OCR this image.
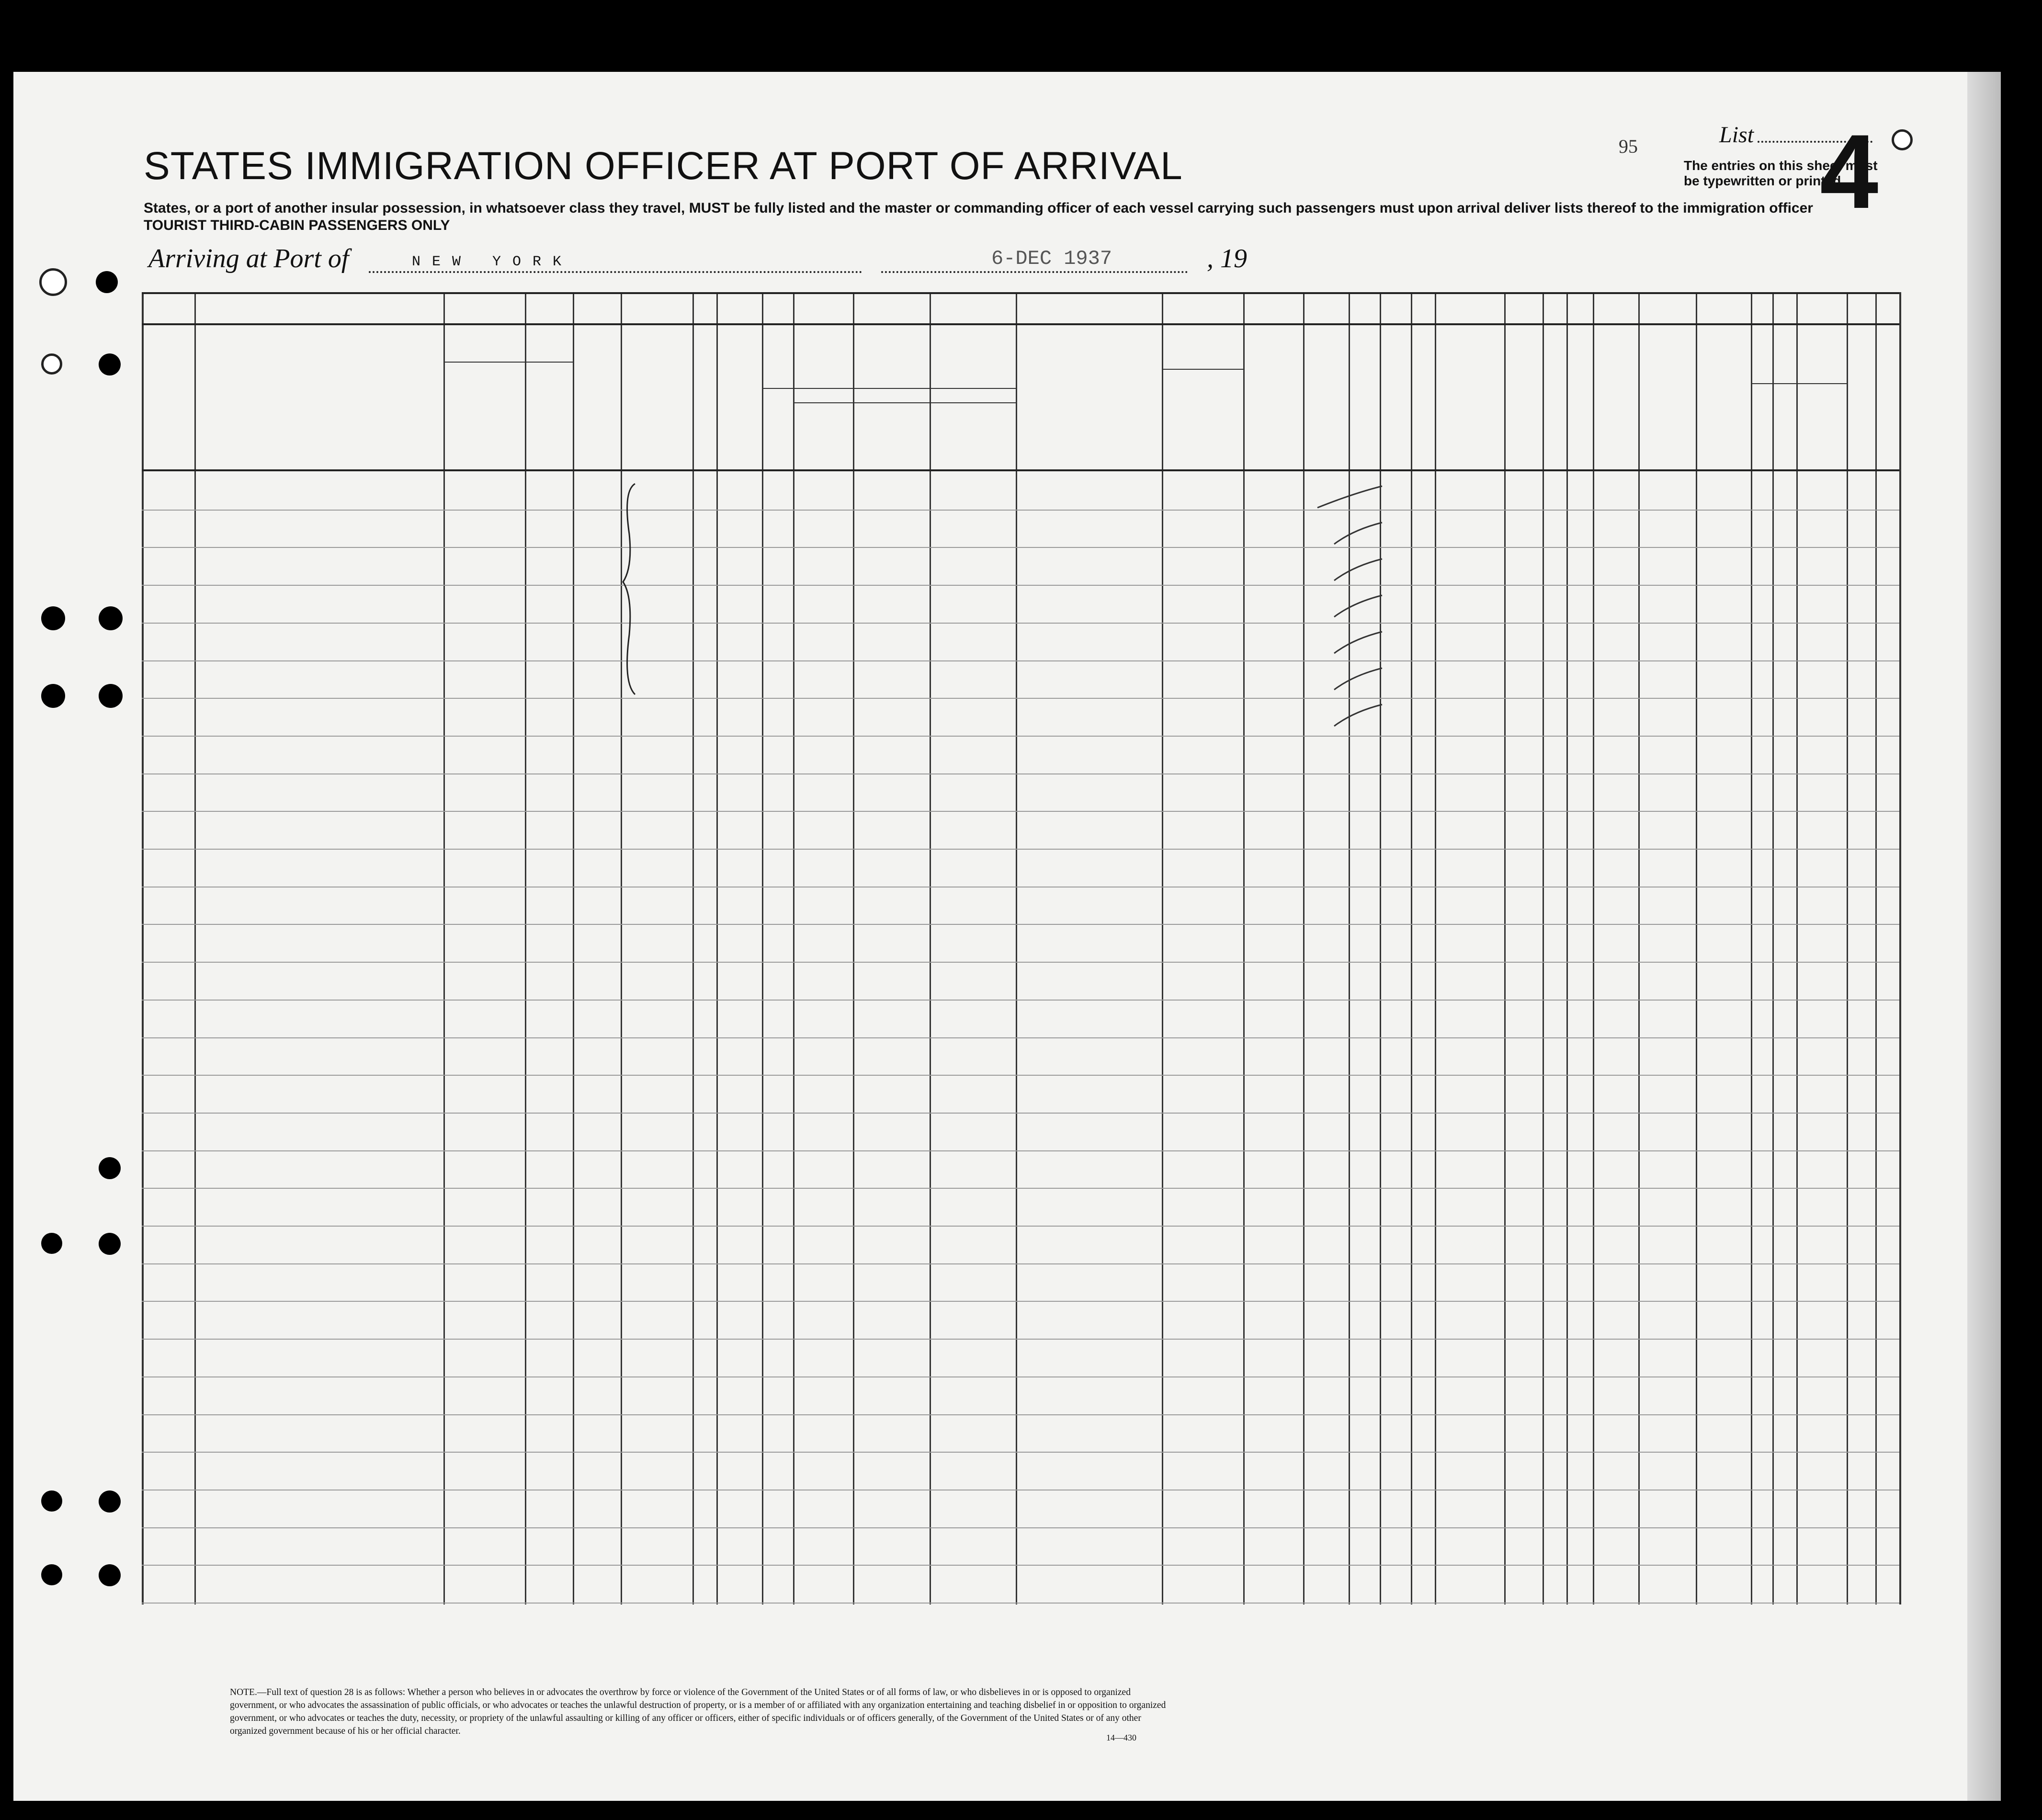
STATES IMMIGRATION OFFICER AT PORT OF ARRIVAL
States, or a port of another insular possession, in whatsoever class they travel, MUST be fully listed and the master or commanding officer of each vessel carrying such passengers must upon arrival deliver lists thereof to the immigration officer
TOURIST THIRD-CABIN PASSENGERS ONLY
Arriving at Port of	NEW YORK	6-DEC 1937	, 19
95	List 4
The entries on this sheet must
be typewritten or printed
NOTE.—Full text of question 28 is as follows: Whether a person who believes in or advocates the overthrow by force or violence of the Government of the United States or of all forms of law, or who disbelieves in or is opposed to organized government, or who advocates the assassination of public officials, or who advocates or teaches the unlawful destruction of property, or is a member of or affiliated with any organization entertaining and teaching disbelief in or opposition to organized government, or who advocates or teaches the duty, necessity, or propriety of the unlawful assaulting or killing of any officer or officers, either of specific individuals or of officers generally, of the Government of the United States or of any other organized government because of his or her official character.
14—430
